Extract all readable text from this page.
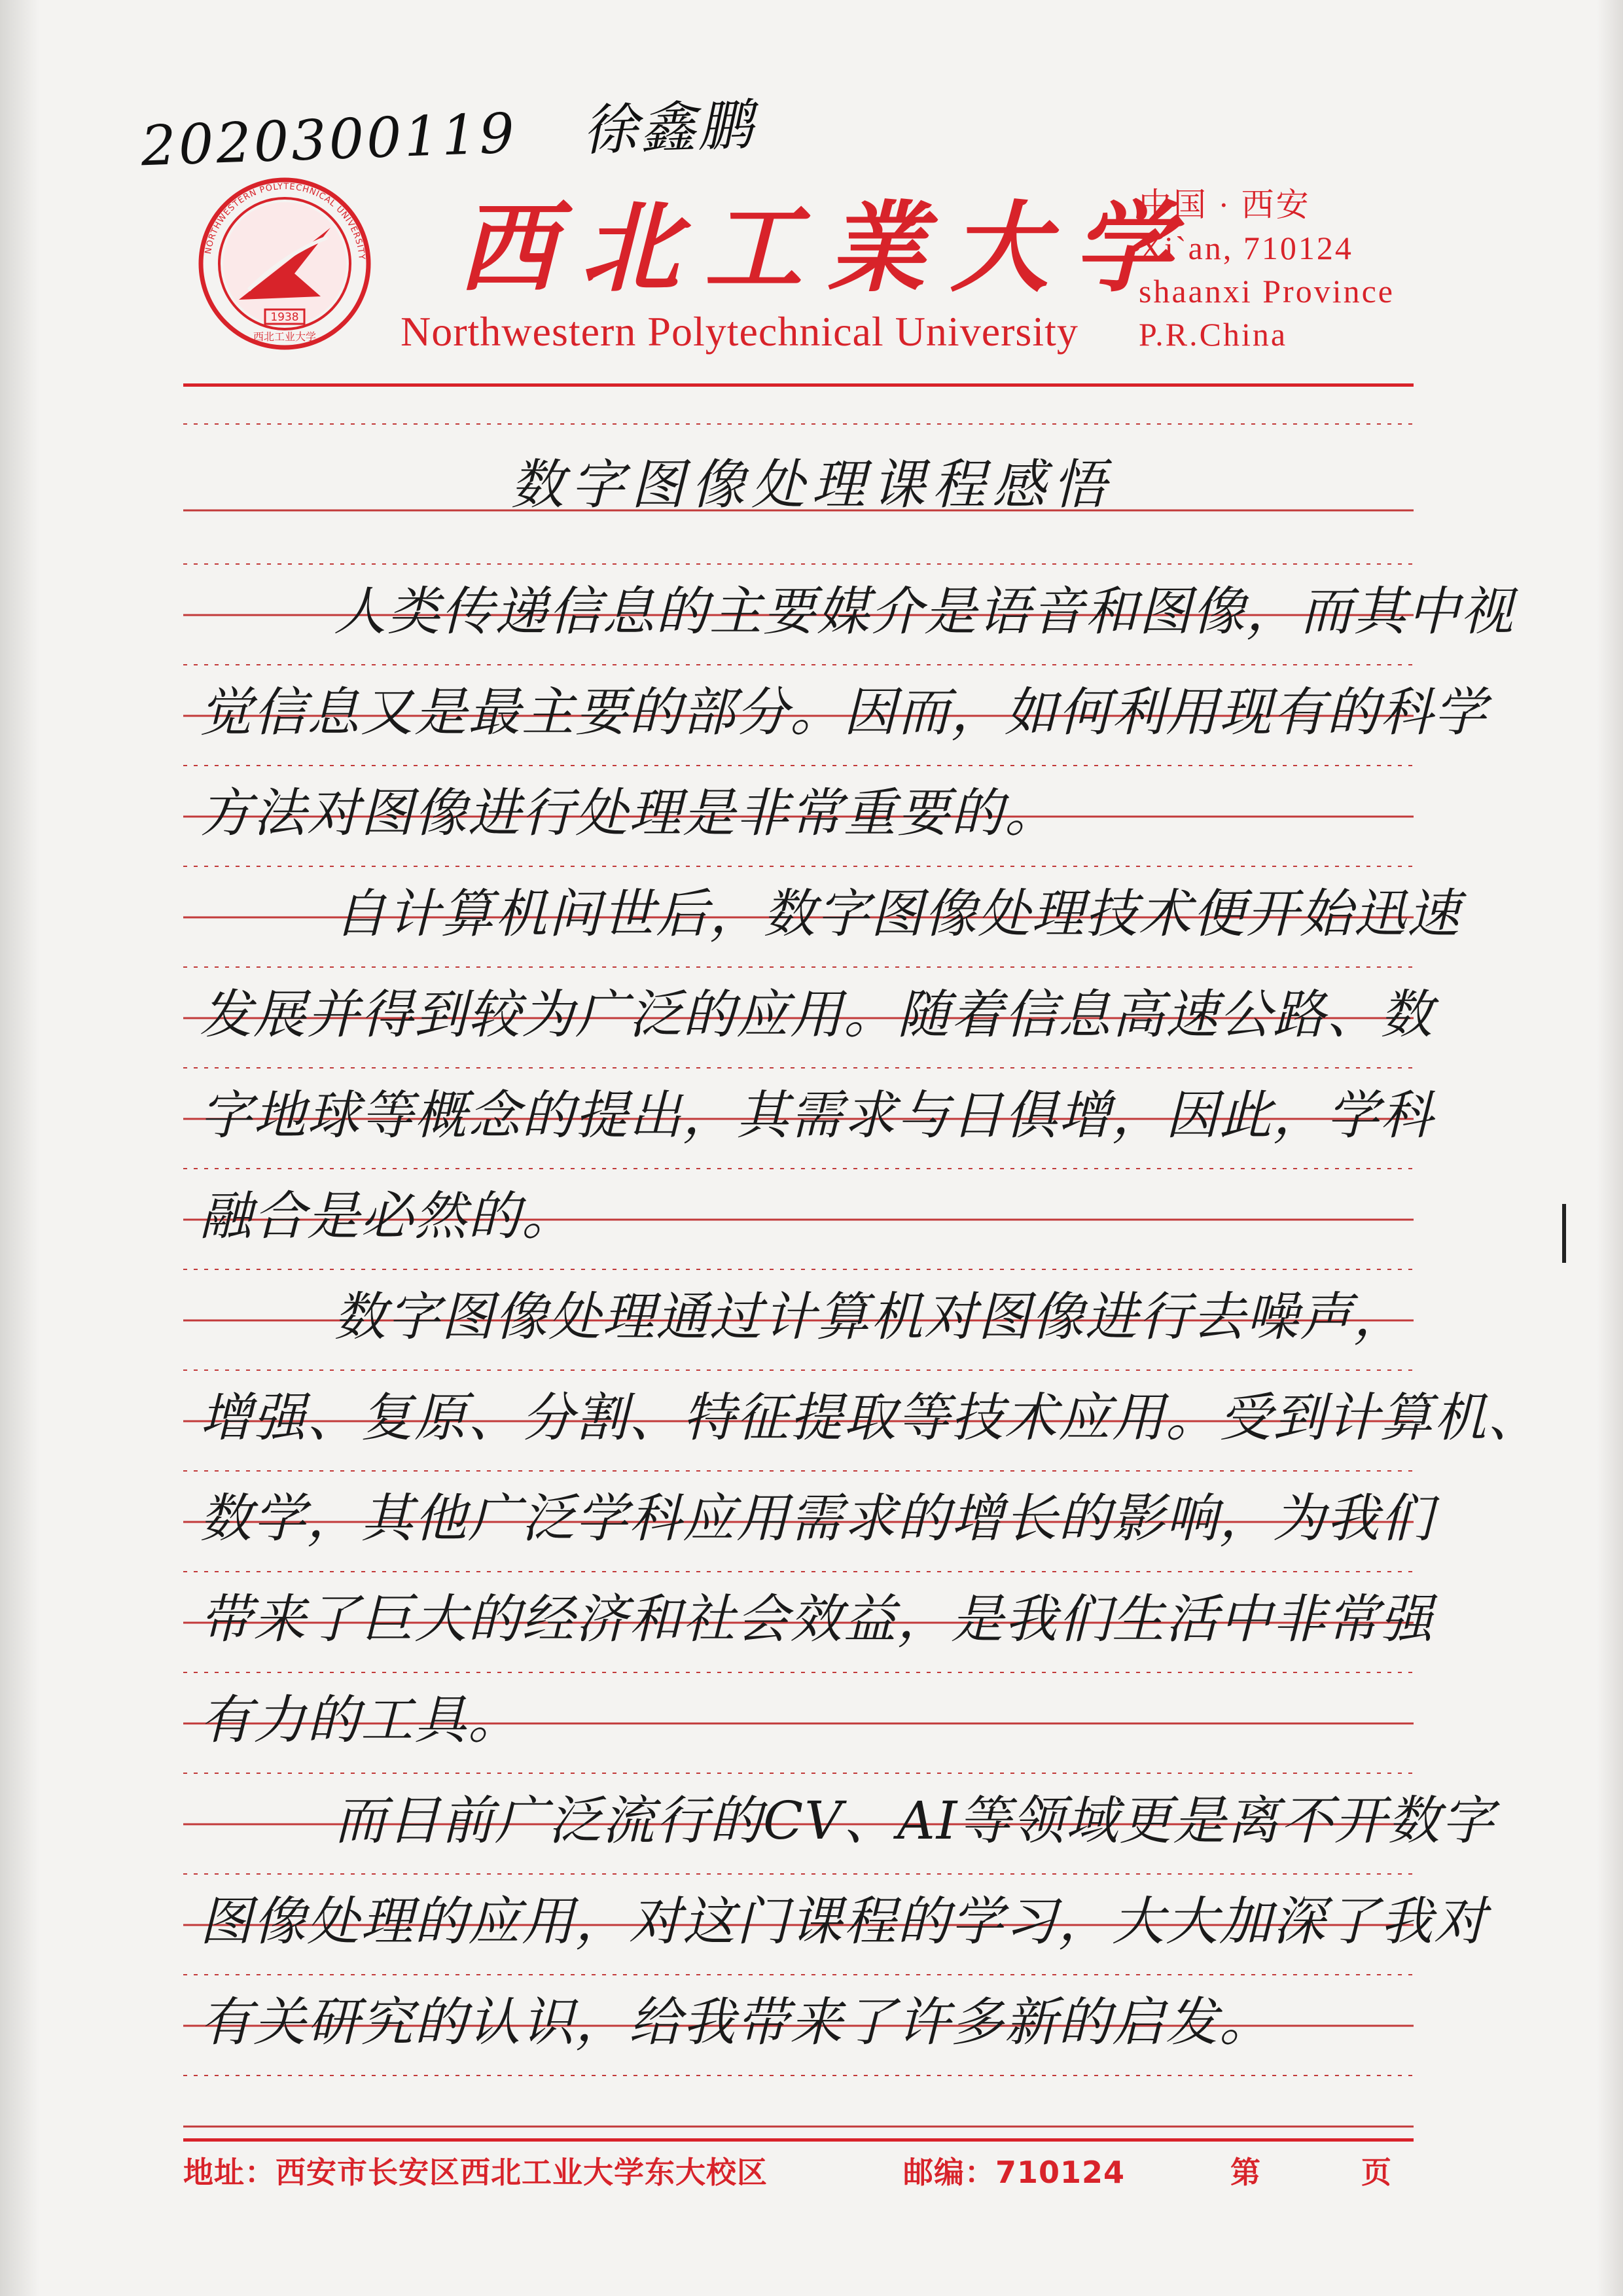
2020300119 徐鑫鹏
1938
NORTHWESTERN POLYTECHNICAL UNIVERSITY
西北工业大学
西北工業大学
Northwestern Polytechnical University
中国 · 西安
Xi`an, 710124
shaanxi Province
P.R.China
数字图像处理课程感悟
人类传递信息的主要媒介是语音和图像，而其中视
觉信息又是最主要的部分。因而，如何利用现有的科学
方法对图像进行处理是非常重要的。
自计算机问世后，数字图像处理技术便开始迅速
发展并得到较为广泛的应用。随着信息高速公路、数
字地球等概念的提出，其需求与日俱增，因此，学科
融合是必然的。
数字图像处理通过计算机对图像进行去噪声，
增强、复原、分割、特征提取等技术应用。受到计算机、
数学，其他广泛学科应用需求的增长的影响，为我们
带来了巨大的经济和社会效益，是我们生活中非常强
有力的工具。
而目前广泛流行的CV、AI等领域更是离不开数字
图像处理的应用，对这门课程的学习，大大加深了我对
有关研究的认识，给我带来了许多新的启发。
地址：西安市长安区西北工业大学东大校区	邮编：710124	第	页
